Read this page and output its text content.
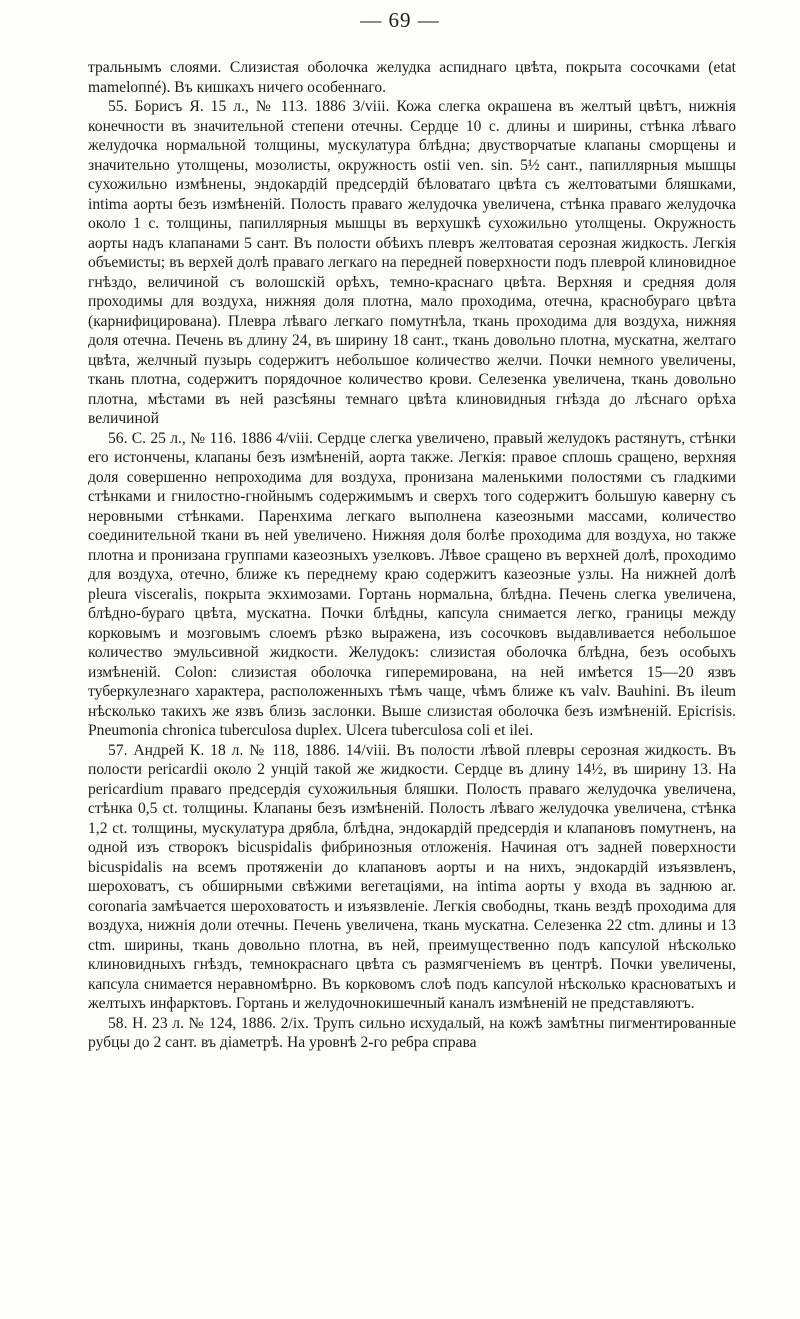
— 69 —

тральнымъ слоями. Слизистая оболочка желудка аспиднаго цвѣта, покрыта сосочками (etat mameloпné). Въ кишкахъ ничего особеннаго.

55. Борисъ Я. 15 л., № 113. 1886 3/viii. Кожа слегка окрашена въ желтый цвѣтъ, нижнія конечности въ значительной степени отечны. Сердце 10 с. длины и ширины, стѣнка лѣваго желудочка нормальной толщины, мускулатура блѣдна; двустворчатые клапаны сморщены и значительно утолщены, мозолисты, окружность ostii ven. sin. 5½ сант., папиллярныя мышцы сухожильно измѣнены, эндокардій предсердій бѣловатаго цвѣта съ желтоватыми бляшками, intima аорты безъ измѣненій. Полость праваго желудочка увеличена, стѣнка праваго желудочка около 1 с. толщины, папиллярныя мышцы въ верхушкѣ сухожильно утолщены. Окружность аорты надъ клапанами 5 сант. Въ полости обѣихъ плевръ желтоватая серозная жидкость. Легкія объемисты; въ верхей долѣ праваго легкаго на передней поверхности подъ плеврой клиновидное гнѣздо, величиной съ волошскій орѣхъ, темно-краснаго цвѣта. Верхняя и средняя доля проходимы для воздуха, нижняя доля плотна, мало проходима, отечна, краснобураго цвѣта (карнифицирована). Плевра лѣваго легкаго помутнѣла, ткань проходима для воздуха, нижняя доля отечна. Печень въ длину 24, въ ширину 18 сант., ткань довольно плотна, мускатна, желтаго цвѣта, желчный пузырь содержитъ небольшое количество желчи. Почки немного увеличены, ткань плотна, содержитъ порядочное количество крови. Селезенка увеличена, ткань довольно плотна, мѣстами въ ней разсѣяны темнаго цвѣта клиновидныя гнѣзда до лѣснаго орѣха величиной

56. С. 25 л., № 116. 1886 4/viii. Сердце слегка увеличено, правый желудокъ растянутъ, стѣнки его истончены, клапаны безъ измѣненій, аорта также. Легкія: правое сплошь сращено, верхняя доля совершенно непроходима для воздуха, пронизана маленькими полостями съ гладкими стѣнками и гнилостно-гнойнымъ содержимымъ и сверхъ того содержитъ большую каверну съ неровными стѣнками. Паренхима легкаго выполнена казеозными массами, количество соединительной ткани въ ней увеличено. Нижняя доля болѣе проходима для воздуха, но также плотна и пронизана группами казеозныхъ узелковъ. Лѣвое сращено въ верхней долѣ, проходимо для воздуха, отечно, ближе къ переднему краю содержитъ казеозные узлы. На нижней долѣ pleura visceralis, покрыта экхимозами. Гортань нормальна, блѣдна. Печень слегка увеличена, блѣдно-бураго цвѣта, мускатна. Почки блѣдны, капсула снимается легко, границы между корковымъ и мозговымъ слоемъ рѣзко выражена, изъ сосочковъ выдавливается небольшое количество эмульсивной жидкости. Желудокъ: слизистая оболочка блѣдна, безъ особыхъ измѣненій. Colon: слизистая оболочка гиперемирована, на ней имѣется 15—20 язвъ туберкулезнаго характера, расположенныхъ тѣмъ чаще, чѣмъ ближе къ valv. Bauhini. Въ ileum нѣсколько такихъ же язвъ близь заслонки. Выше слизистая оболочка безъ измѣненій. Epicrisis. Pneumonia chronica tuberculosa duplex. Ulcera tuberculosa coli et ilei.

57. Андрей К. 18 л. № 118, 1886. 14/viii. Въ полости лѣвой плевры серозная жидкость. Въ полости pericardii около 2 унцій такой же жидкости. Сердце въ длину 14½, въ ширину 13. На pericardium праваго предсердія сухожильныя бляшки. Полость праваго желудочка увеличена, стѣнка 0,5 ct. толщины. Клапаны безъ измѣненій. Полость лѣваго желудочка увеличена, стѣнка 1,2 ct. толщины, мускулатура дрябла, блѣдна, эндокардій предсердія и клапановъ помутненъ, на одной изъ створокъ bicuspidalis фибринозныя отложенія. Начиная отъ задней поверхности bicuspidalis на всемъ протяженіи до клапановъ аорты и на нихъ, эндокардій изъязвленъ, шероховатъ, съ обширными свѣжими вегетаціями, на intima аорты у входа въ заднюю ar. coronaria замѣчается шероховатость и изъязвленіе. Легкія свободны, ткань вездѣ проходима для воздуха, нижнія доли отечны. Печень увеличена, ткань мускатна. Селезенка 22 ctm. длины и 13 ctm. ширины, ткань довольно плотна, въ ней, преимущественно подъ капсулой нѣсколько клиновидныхъ гнѣздъ, темнокраснаго цвѣта съ размягченіемъ въ центрѣ. Почки увеличены, капсула снимается неравномѣрно. Въ корковомъ слоѣ подъ капсулой нѣсколько красноватыхъ и желтыхъ инфарктовъ. Гортань и желудочнокишечный каналъ измѣненій не представляютъ.

58. Н. 23 л. № 124, 1886. 2/ix. Трупъ сильно исхудалый, на кожѣ замѣтны пигментированные рубцы до 2 сант. въ діаметрѣ. На уровнѣ 2-го ребра справа
